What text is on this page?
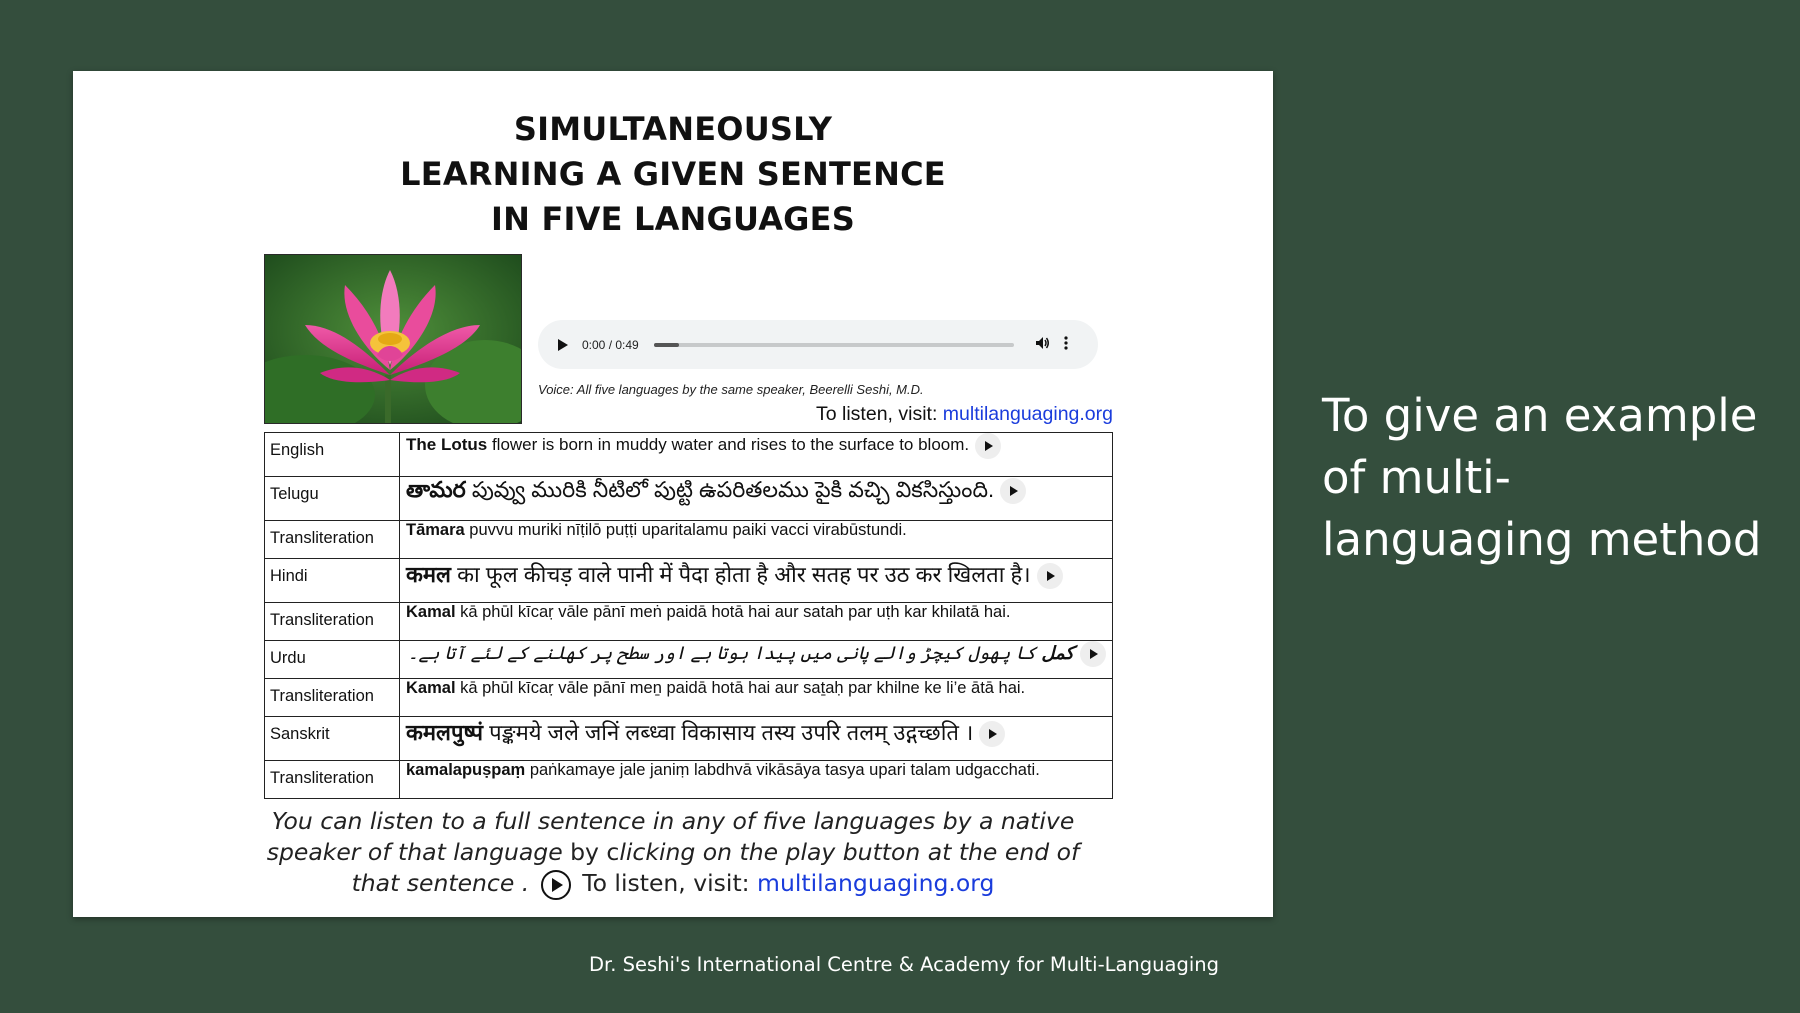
SIMULTANEOUSLY
LEARNING A GIVEN SENTENCE
IN FIVE LANGUAGES
0:00 / 0:49
Voice: All five languages by the same speaker, Beerelli Seshi, M.D.
To listen, visit: multilanguaging.org
English	The Lotus flower is born in muddy water and rises to the surface to bloom.

Telugu	తామర పువ్వు మురికి నీటిలో పుట్టి ఉపరితలము పైకి వచ్చి వికసిస్తుంది.

Transliteration	Tāmara puvvu muriki nīṭilō puṭṭi uparitalamu paiki vacci virabūstundi.
Hindi	कमल का फूल कीचड़ वाले पानी में पैदा होता है और सतह पर उठ कर खिलता है।

Transliteration	Kamal kā phūl kīcaṛ vāle pānī meṅ paidā hotā hai aur satah par uṭh kar khilatā hai.
Urdu	کمل کا پھول کیچڑ والے پانی میں پیدا ہوتا ہے اور سطح پر کھلنے کے لئے آتا ہے۔
Transliteration	Kamal kā phūl kīcaṛ vāle pānī meṉ paidā hotā hai aur saṯaḥ par khilne ke li’e ātā hai.
Sanskrit	कमलपुष्पं पङ्कमये जले जनिं लब्ध्वा विकासाय तस्य उपरि तलम् उद्गच्छति ।

Transliteration	kamalapuṣpaṃ paṅkamaye jale janiṃ labdhvā vikāsāya tasya upari talam udgacchati.
You can listen to a full sentence in any of five languages by a native
speaker of that language by clicking on the play button at the end of
that sentence . To listen, visit: multilanguaging.org
To give an example of multi-languaging method
Dr. Seshi's International Centre & Academy for Multi-Languaging
